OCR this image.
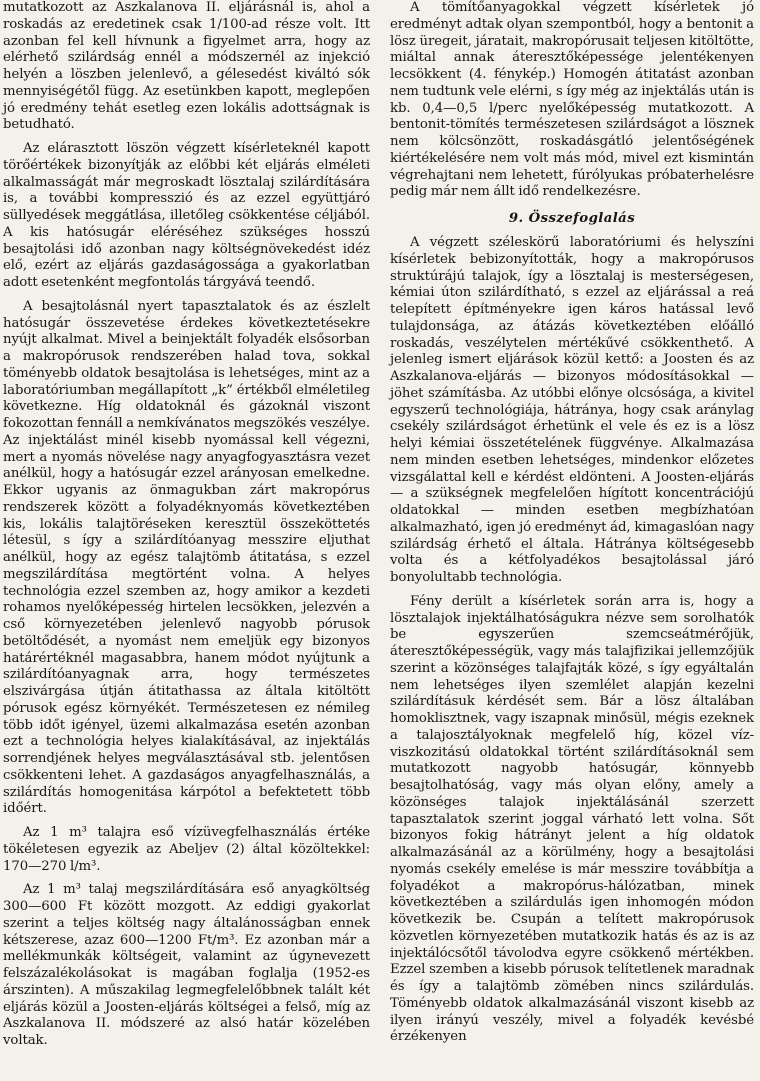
mutatkozott az Aszkalanova II. eljárásnál is, ahol a roskadás az eredetinek csak 1/100-ad része volt. Itt azonban fel kell hívnunk a figyelmet arra, hogy az elérhető szilárdság ennél a módszernél az injekció helyén a löszben jelenlevő, a gélesedést kiváltó sók mennyiségétől függ. Az esetünkben kapott, meglepően jó eredmény tehát esetleg ezen lokális adottságnak is betudható.

Az elárasztott löszön végzett kísérleteknél kapott törőértékek bizonyítják az előbbi két eljárás elméleti alkalmasságát már megroskadt lösztalaj szilárdítására is, a további kompresszió és az ezzel együttjáró süllyedések meggátlása, illetőleg csökkentése céljából. A kis hatósugár eléréséhez szükséges hosszú besajtolási idő azonban nagy költségnövekedést idéz elő, ezért az eljárás gazdaságossága a gyakorlatban adott esetenként megfontolás tárgyává teendő.

A besajtolásnál nyert tapasztalatok és az észlelt hatósugár összevetése érdekes következtetésekre nyújt alkalmat. Mivel a beinjektált folyadék elsősorban a makropórusok rendszerében halad tova, sokkal töményebb oldatok besajtolása is lehetséges, mint az a laboratóriumban megállapított „k” értékből elméletileg következne. Híg oldatoknál és gázoknál viszont fokozottan fennáll a nemkívánatos megszökés veszélye. Az injektálást minél kisebb nyomással kell végezni, mert a nyomás növelése nagy anyagfogyasztásra vezet anélkül, hogy a hatósugár ezzel arányosan emelkedne. Ekkor ugyanis az önmagukban zárt makropórus rendszerek között a folyadéknyomás következtében kis, lokális talajtöréseken keresztül összeköttetés létesül, s így a szilárdítóanyag messzire eljuthat anélkül, hogy az egész talajtömb átitatása, s ezzel megszilárdítása megtörtént volna. A helyes technológia ezzel szemben az, hogy amikor a kezdeti rohamos nyelőképesség hirtelen lecsökken, jelezvén a cső környezetében jelenlevő nagyobb pórusok betöltődését, a nyomást nem emeljük egy bizonyos határértéknél magasabbra, hanem módot nyújtunk a szilárdítóanyagnak arra, hogy természetes elszivárgása útján átitathassa az általa kitöltött pórusok egész környékét. Természetesen ez némileg több időt igényel, üzemi alkalmazása esetén azonban ezt a technológia helyes kialakításával, az injektálás sorrendjének helyes megválasztásával stb. jelentősen csökkenteni lehet. A gazdaságos anyagfelhasználás, a szilárdítás homogenitása kárpótol a befektetett több időért.

Az 1 m³ talajra eső vízüvegfelhasználás értéke tökéletesen egyezik az Abeljev (2) által közöltekkel: 170—270 l/m³.

Az 1 m³ talaj megszilárdítására eső anyagköltség 300—600 Ft között mozgott. Az eddigi gyakorlat szerint a teljes költség nagy általánosságban ennek kétszerese, azaz 600—1200 Ft/m³. Ez azonban már a mellékmunkák költségeit, valamint az úgynevezett felszázalékolásokat is magában foglalja (1952-es árszinten). A műszakilag legmegfelelőbbnek talált két eljárás közül a Joosten-eljárás költségei a felső, míg az Aszkalanova II. módszeré az alsó határ közelében voltak.

A tömítőanyagokkal végzett kísérletek jó eredményt adtak olyan szempontból, hogy a bentonit a lösz üregeit, járatait, makropórusait teljesen kitöltötte, miáltal annak áteresztőképessége jelentékenyen lecsökkent (4. fénykép.) Homogén átitatást azonban nem tudtunk vele elérni, s így még az injektálás után is kb. 0,4—0,5 l/perc nyelőképesség mutatkozott. A bentonit-tömítés természetesen szilárdságot a lösznek nem kölcsönzött, roskadásgátló jelentőségének kiértékelésére nem volt más mód, mivel ezt kismintán végrehajtani nem lehetett, fúrólyukas próbaterhelésre pedig már nem állt idő rendelkezésre.

9. Összefoglalás

A végzett széleskörű laboratóriumi és helyszíni kísérletek bebizonyították, hogy a makropórusos struktúrájú talajok, így a lösztalaj is mesterségesen, kémiai úton szilárdítható, s ezzel az eljárással a reá telepített építményekre igen káros hatással levő tulajdonsága, az átázás következtében előálló roskadás, veszélytelen mértékűvé csökkenthető. A jelenleg ismert eljárások közül kettő: a Joosten és az Aszkalanova-eljárás — bizonyos módosításokkal — jöhet számításba. Az utóbbi előnye olcsósága, a kivitel egyszerű technológiája, hátránya, hogy csak aránylag csekély szilárdságot érhetünk el vele és ez is a lösz helyi kémiai összetételének függvénye. Alkalmazása nem minden esetben lehetséges, mindenkor előzetes vizsgálattal kell e kérdést eldönteni. A Joosten-eljárás — a szükségnek megfelelően hígított koncentrációjú oldatokkal — minden esetben megbízhatóan alkalmazható, igen jó eredményt ád, kimagaslóan nagy szilárdság érhető el általa. Hátránya költségesebb volta és a kétfolyadékos besajtolással járó bonyolultabb technológia.

Fény derült a kísérletek során arra is, hogy a lösztalajok injektálhatóságukra nézve sem sorolhatók be egyszerűen szemcseátmérőjük, áteresztőképességük, vagy más talajfizikai jellemzőjük szerint a közönséges talajfajták közé, s így egyáltalán nem lehetséges ilyen szemlélet alapján kezelni szilárdításuk kérdését sem. Bár a lösz általában homoklisztnek, vagy iszapnak minősül, mégis ezeknek a talajosztályoknak megfelelő híg, közel víz-viszkozitású oldatokkal történt szilárdításoknál sem mutatkozott nagyobb hatósugár, könnyebb besajtolhatóság, vagy más olyan előny, amely a közönséges talajok injektálásánál szerzett tapasztalatok szerint joggal várható lett volna. Sőt bizonyos fokig hátrányt jelent a híg oldatok alkalmazásánál az a körülmény, hogy a besajtolási nyomás csekély emelése is már messzire továbbítja a folyadékot a makropórus-hálózatban, minek következtében a szilárdulás igen inhomogén módon következik be. Csupán a telített makropórusok közvetlen környezetében mutatkozik hatás és az is az injektálócsőtől távolodva egyre csökkenő mértékben. Ezzel szemben a kisebb pórusok telítetlenek maradnak és így a talajtömb zömében nincs szilárdulás. Töményebb oldatok alkalmazásánál viszont kisebb az ilyen irányú veszély, mivel a folyadék kevésbé érzékenyen
